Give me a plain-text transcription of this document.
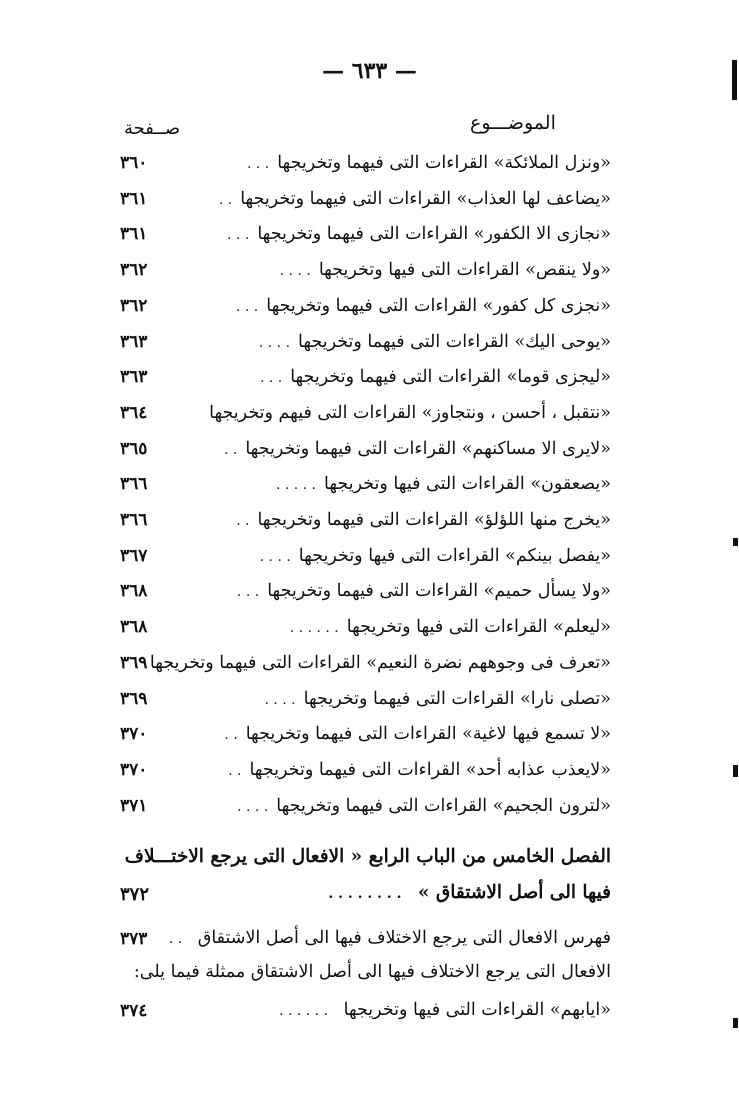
— ٦٣٣ —
الموضـــوع
صــفحة
«ونزل الملائكة» القراءات التى فيهما وتخريجها. . .
٣٦٠
«يضاعف لها العذاب» القراءات التى فيهما وتخريجها. .
٣٦١
«نجازى الا الكفور» القراءات التى فيهما وتخريجها. . .
٣٦١
«ولا ينقص» القراءات التى فيها وتخريجها. . . .
٣٦٢
«نجزى كل كفور» القراءات التى فيهما وتخريجها. . .
٣٦٢
«يوحى اليك» القراءات التى فيهما وتخريجها. . . .
٣٦٣
«ليجزى قوما» القراءات التى فيهما وتخريجها. . .
٣٦٣
«نتقبل ، أحسن ، ونتجاوز» القراءات التى فيهم وتخريجها
٣٦٤
«لايرى الا مساكنهم» القراءات التى فيهما وتخريجها. .
٣٦٥
«يصعقون» القراءات التى فيها وتخريجها. . . . .
٣٦٦
«يخرج منها اللؤلؤ» القراءات التى فيهما وتخريجها. .
٣٦٦
«يفصل بينكم» القراءات التى فيها وتخريجها. . . .
٣٦٧
«ولا يسأل حميم» القراءات التى فيهما وتخريجها. . .
٣٦٨
«ليعلم» القراءات التى فيها وتخريجها. . . . . .
٣٦٨
«تعرف فى وجوههم نضرة النعيم» القراءات التى فيهما وتخريجها
٣٦٩
«تصلى نارا» القراءات التى فيهما وتخريجها. . . .
٣٦٩
«لا تسمع فيها لاغية» القراءات التى فيهما وتخريجها. .
٣٧٠
«لايعذب عذابه أحد» القراءات التى فيهما وتخريجها. .
٣٧٠
«لترون الجحيم» القراءات التى فيهما وتخريجها. . . .
٣٧١
الفصل الخامس من الباب الرابع « الافعال التى يرجع الاختـــلاف
فيها الى أصل الاشتقاق » . . . . . . . .
٣٧٢
فهرس الافعال التى يرجع الاختلاف فيها الى أصل الاشتقاق . .
٣٧٣
الافعال التى يرجع الاختلاف فيها الى أصل الاشتقاق ممثلة فيما يلى:
«ايابهم» القراءات التى فيها وتخريجها . . . . . .
٣٧٤
